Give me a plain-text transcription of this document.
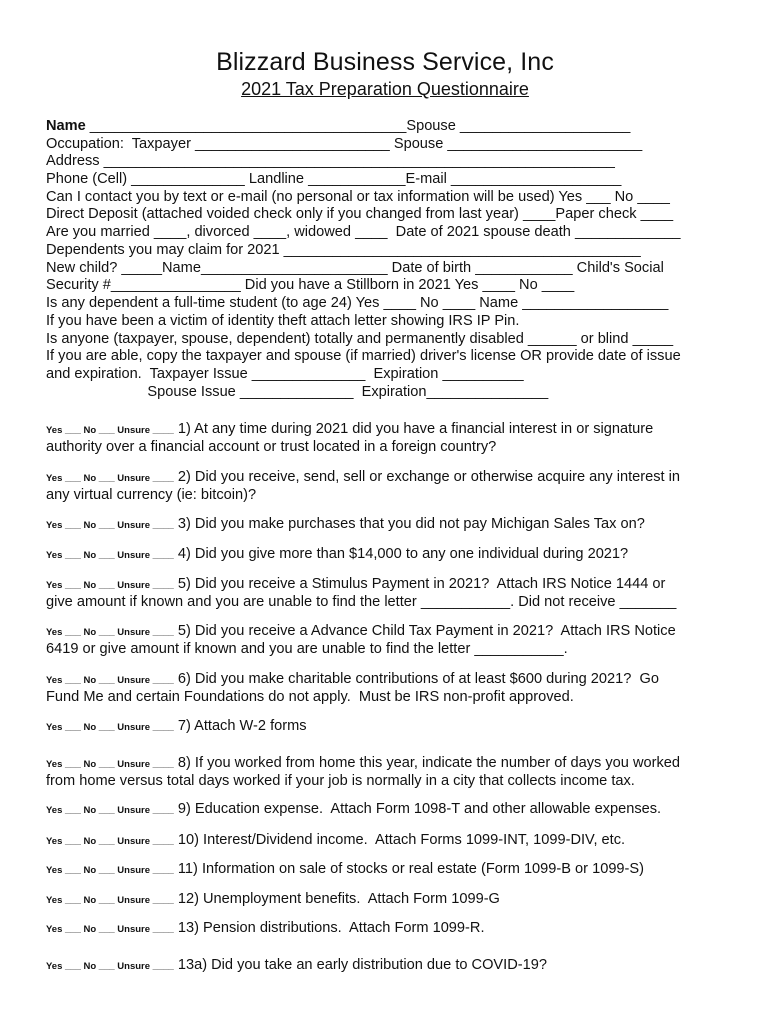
Blizzard Business Service, Inc
2021 Tax Preparation Questionnaire
Name _______________________________________Spouse _____________________
Occupation:  Taxpayer ________________________ Spouse ________________________
Address _______________________________________________________________
Phone (Cell) ______________ Landline ____________E-mail _____________________
Can I contact you by text or e-mail (no personal or tax information will be used) Yes ___ No ____
Direct Deposit (attached voided check only if you changed from last year) ____Paper check ____
Are you married ____, divorced ____, widowed ____  Date of 2021 spouse death _____________
Dependents you may claim for 2021 ____________________________________________
New child? _____Name_______________________ Date of birth ____________ Child's Social
Security #________________ Did you have a Stillborn in 2021 Yes ____ No ____
Is any dependent a full-time student (to age 24) Yes ____ No ____ Name __________________
If you have been a victim of identity theft attach letter showing IRS IP Pin.
Is anyone (taxpayer, spouse, dependent) totally and permanently disabled ______ or blind _____
If you are able, copy the taxpayer and spouse (if married) driver's license OR provide date of issue
and expiration.  Taxpayer Issue ______________  Expiration __________
Spouse Issue ______________  Expiration_______________
Yes ___ No ___ Unsure ____ 1) At any time during 2021 did you have a financial interest in or signature
authority over a financial account or trust located in a foreign country?
Yes ___ No ___ Unsure ____ 2) Did you receive, send, sell or exchange or otherwise acquire any interest in
any virtual currency (ie: bitcoin)?
Yes ___ No ___ Unsure ____ 3) Did you make purchases that you did not pay Michigan Sales Tax on?
Yes ___ No ___ Unsure ____ 4) Did you give more than $14,000 to any one individual during 2021?
Yes ___ No ___ Unsure ____ 5) Did you receive a Stimulus Payment in 2021?  Attach IRS Notice 1444 or
give amount if known and you are unable to find the letter ___________. Did not receive _______
Yes ___ No ___ Unsure ____ 5) Did you receive a Advance Child Tax Payment in 2021?  Attach IRS Notice
6419 or give amount if known and you are unable to find the letter ___________.
Yes ___ No ___ Unsure ____ 6) Did you make charitable contributions of at least $600 during 2021?  Go
Fund Me and certain Foundations do not apply.  Must be IRS non-profit approved.
Yes ___ No ___ Unsure ____ 7) Attach W-2 forms
Yes ___ No ___ Unsure ____ 8) If you worked from home this year, indicate the number of days you worked
from home versus total days worked if your job is normally in a city that collects income tax.
Yes ___ No ___ Unsure ____ 9) Education expense.  Attach Form 1098-T and other allowable expenses.
Yes ___ No ___ Unsure ____ 10) Interest/Dividend income.  Attach Forms 1099-INT, 1099-DIV, etc.
Yes ___ No ___ Unsure ____ 11) Information on sale of stocks or real estate (Form 1099-B or 1099-S)
Yes ___ No ___ Unsure ____ 12) Unemployment benefits.  Attach Form 1099-G
Yes ___ No ___ Unsure ____ 13) Pension distributions.  Attach Form 1099-R.
Yes ___ No ___ Unsure ____ 13a) Did you take an early distribution due to COVID-19?
